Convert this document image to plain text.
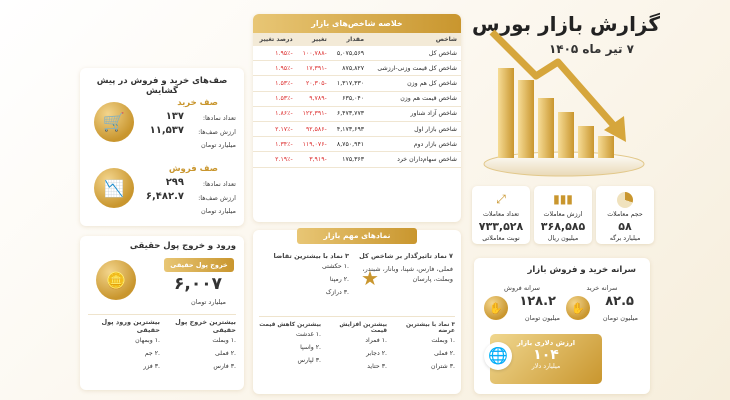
گزارش بازار بورس
۷ تیر ماه ۱۴۰۵
صف‌های خرید و فروش در پیش گشایش
🛒
صف خرید
تعداد نمادها:
۱۳۷
ارزش صف‌ها:
۱۱,۵۳۷
میلیارد تومان
📉
صف فروش
تعداد نمادها:
۲۹۹
ارزش صف‌ها:
۶,۴۸۲.۷
میلیارد تومان
خلاصه شاخص‌های بازار
شاخص	مقدار	تغییر	درصد تغییر
شاخص کل	۵,۰۷۵,۵۶۹	-۱۰۰,۷۸۸	-۱.۹۵٪
شاخص کل قیمت وزنی-ارزشی	۸۷۵,۸۲۷	-۱۷,۳۹۱	-۱.۹۵٪
شاخص کل هم وزن	۱,۳۱۷,۳۳۰	-۲۰,۳۰۵	-۱.۵۳٪
شاخص قیمت هم وزن	۶۳۵,۰۴۰	-۹,۷۸۹	-۱.۵۳٪
شاخص آزاد شناور	۶,۴۷۳,۷۷۳	-۱۲۲,۳۹۱	-۱.۸۶٪
شاخص بازار اول	۴,۱۷۳,۶۹۳	-۹۲,۵۸۶	-۲.۱۷٪
شاخص بازار دوم	۸,۷۵۰,۹۴۱	-۱۱۹,۰۷۶	-۱.۳۴٪
شاخص سهام‌داران خرد	۱۷۵,۳۶۳	-۳,۹۱۹	-۲.۱۹٪
حجم معاملات
۵۸
میلیارد برگه
▮▮▮
ارزش معاملات
۳۶۸,۵۸۵
میلیون ریال
⤢
تعداد معاملات
۷۳۳,۵۲۸
نوبت معاملاتی
ورود و خروج پول حقیقی
خروج پول حقیقی
۶,۰۰۷
میلیارد تومان
🪙
بیشترین خروج پول حقیقی
.۱ وبملت
.۲ فملی
.۳ فارس
بیشترین ورود پول حقیقی
.۱ وبمهان
.۲ جم
.۳ فزر
نمادهای مهم بازار
۷ نماد تاثیرگذار بر شاخص کل
فملی، فارس، شپنا، وبانار، شبندر، وبملت، پارسان
★
۳ نماد با بیشترین تقاضا
.۱ حکشتی
.۲ رمپنا
.۳ درازک
۳ نماد با بیشترین عرضه
.۱ وبملت
.۲ فملی
.۳ شتران
بیشترین افزایش قیمت
.۱ فمراد
.۲ دجابر
.۳ حتاید
بیشترین کاهش قیمت
.۱ غدشت
.۲ واسپا
.۳ لپارس
سرانه خرید و فروش بازار
سرانه خرید
✋	۸۲.۵
میلیون تومان
سرانه فروش
✋	۱۲۸.۲
میلیون تومان
🌐
ارزش دلاری بازار
۱۰۴
میلیارد دلار
